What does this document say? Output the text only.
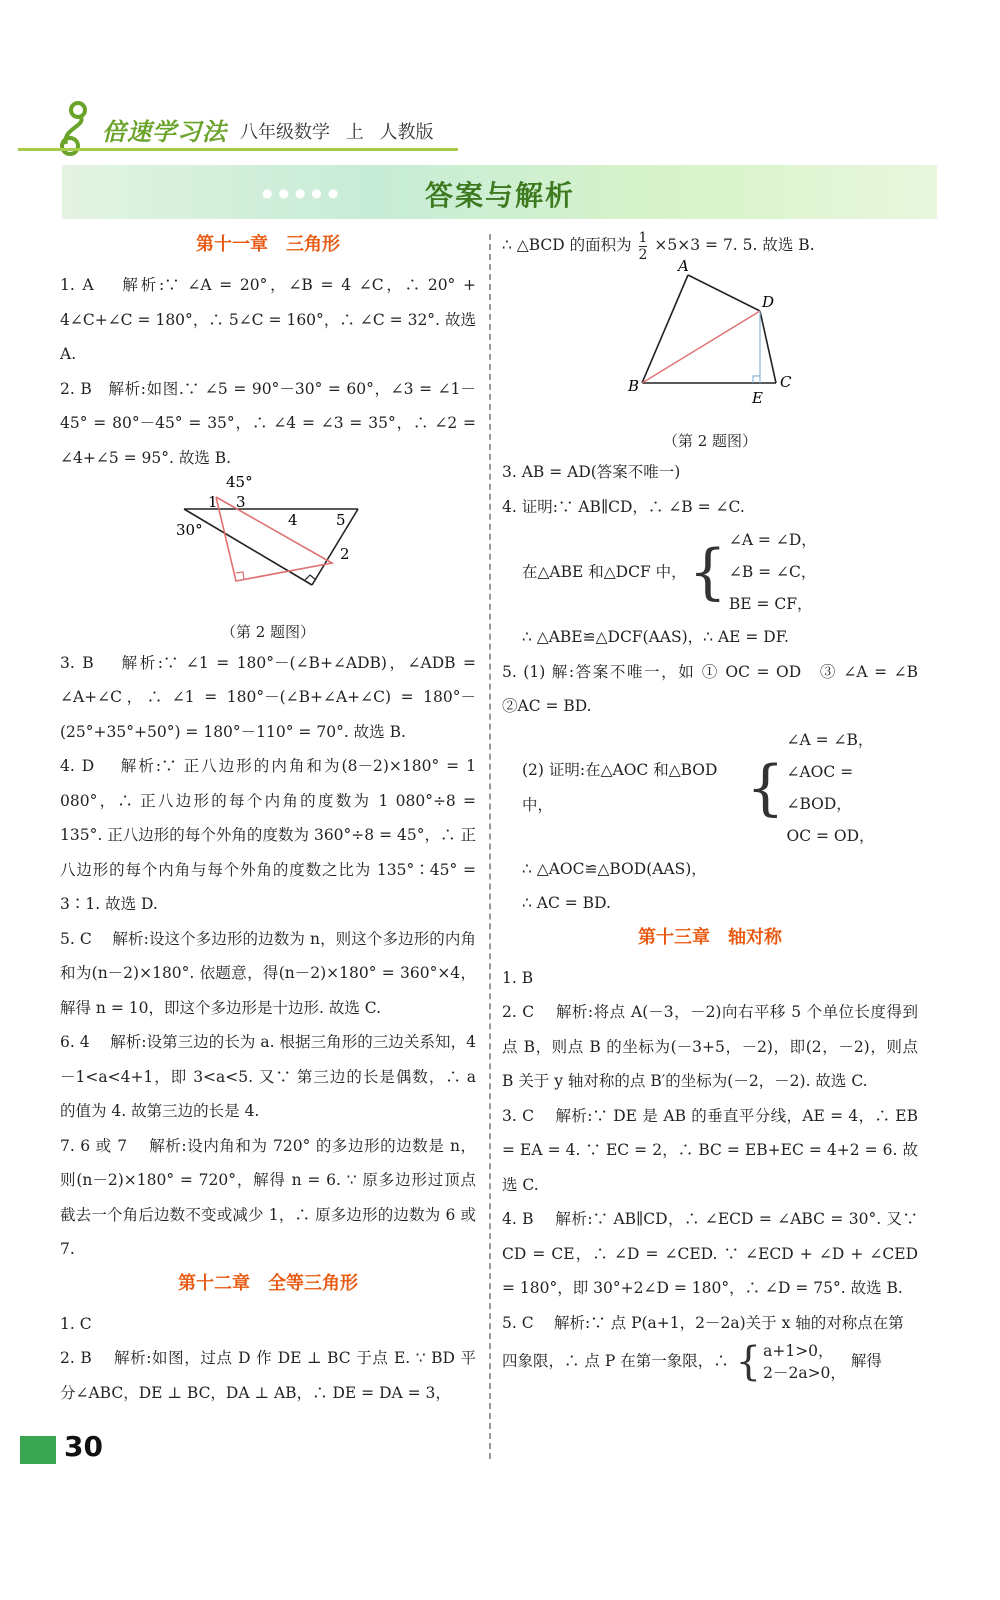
倍速学习法 八年级数学 上 人教版
●●●●●	答案与解析
第十一章　三角形

1. A　 解析:∵ ∠A = 20°，∠B = 4 ∠C，∴ 20° + 4∠C+∠C = 180°，∴ 5∠C = 160°，∴ ∠C = 32°. 故选 A.

2. B　解析:如图.∵ ∠5 = 90°－30° = 60°，∠3 = ∠1－45° = 80°－45° = 35°，∴ ∠4 = ∠3 = 35°，∴ ∠2 = ∠4+∠5 = 95°. 故选 B.

45°
30°
1 3
4	5
2
（第 2 题图）

3. B　 解析:∵ ∠1 = 180°－(∠B+∠ADB)，∠ADB = ∠A+∠C，∴ ∠1 = 180°－(∠B+∠A+∠C) = 180°－(25°+35°+50°) = 180°－110° = 70°. 故选 B.

4. D　 解析:∵ 正八边形的内角和为(8－2)×180° = 1 080°，∴ 正八边形的每个内角的度数为 1 080°÷8 = 135°. 正八边形的每个外角的度数为 360°÷8 = 45°，∴ 正八边形的每个内角与每个外角的度数之比为 135°∶45° = 3∶1. 故选 D.

5. C　 解析:设这个多边形的边数为 n，则这个多边形的内角和为(n－2)×180°. 依题意，得(n－2)×180° = 360°×4，解得 n = 10，即这个多边形是十边形. 故选 C.

6. 4　 解析:设第三边的长为 a. 根据三角形的三边关系知，4－1<a<4+1，即 3<a<5. 又∵ 第三边的长是偶数，∴ a 的值为 4. 故第三边的长是 4.

7. 6 或 7　 解析:设内角和为 720° 的多边形的边数是 n，则(n－2)×180° = 720°，解得 n = 6. ∵ 原多边形过顶点截去一个角后边数不变或减少 1，∴ 原多边形的边数为 6 或 7.

第十二章　全等三角形

1. C

2. B　 解析:如图，过点 D 作 DE ⊥ BC 于点 E. ∵ BD 平分∠ABC，DE ⊥ BC，DA ⊥ AB，∴ DE = DA = 3，

∴ △BCD 的面积为 $\frac{1}{2} \times 5\times 3 = 7$. 5. 故选 B.

A
D
B	C
E
（第 2 题图）

3. AB = AD(答案不唯一)

4. 证明:∵ AB∥CD，∴ ∠B = ∠C.

在△ABE 和△DCF 中， { ∠A = ∠D，
∠B = ∠C，
BE = CF，

∴ △ABE≌△DCF(AAS)，∴ AE = DF.

5. (1) 解:答案不唯一，如 ① OC = OD　③ ∠A = ∠B　②AC = BD.

(2) 证明:在△AOC 和△BOD 中，	{
∠A = ∠B，
∠AOC = ∠BOD，
OC = OD，

∴ △AOC≌△BOD(AAS)，

∴ AC = BD.

第十三章　轴对称

1. B

2. C　 解析:将点 A(－3，－2)向右平移 5 个单位长度得到点 B，则点 B 的坐标为(－3+5，－2)，即(2，－2)，则点 B 关于 y 轴对称的点 B′的坐标为(－2，－2). 故选 C.

3. C　 解析:∵ DE 是 AB 的垂直平分线，AE = 4，∴ EB = EA = 4. ∵ EC = 2，∴ BC = EB+EC = 4+2 = 6. 故选 C.

4. B　 解析:∵ AB∥CD，∴ ∠ECD = ∠ABC = 30°. 又∵ CD = CE，∴ ∠D = ∠CED. ∵ ∠ECD + ∠D + ∠CED = 180°，即 30°+2∠D = 180°，∴ ∠D = 75°. 故选 B.

5. C　 解析:∵ 点 P(a+1，2－2a)关于 x 轴的对称点在第四象限，∴ 点 P 在第一象限，∴ { a+1>0，
2－2a>0，
解得
30
